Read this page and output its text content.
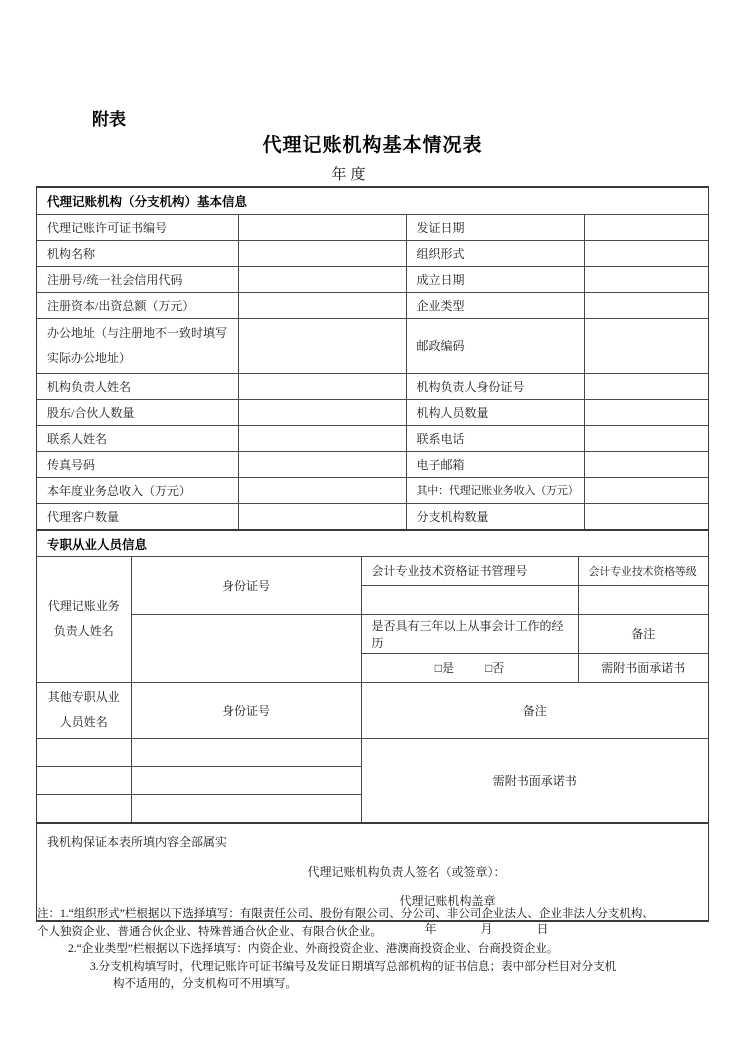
附表
代理记账机构基本情况表
年度
代理记账机构（分支机构）基本信息			
代理记账许可证书编号		发证日期	
机构名称		组织形式	
注册号/统一社会信用代码		成立日期	
注册资本/出资总额（万元）		企业类型	
办公地址（与注册地不一致时填写实际办公地址）		邮政编码	
机构负责人姓名		机构负责人身份证号	
股东/合伙人数量		机构人员数量	
联系人姓名		联系电话	
传真号码		电子邮箱	
本年度业务总收入（万元）		其中：代理记账业务收入（万元）	
代理客户数量		分支机构数量	
专职从业人员信息			
代理记账业务负责人姓名	身份证号	会计专业技术资格证书管理号	会计专业技术资格等级

		是否具有三年以上从事会计工作的经历	备注
		□是 □否	需附书面承诺书
其他专职从业人员姓名	身份证号	备注	
		需附书面承诺书	

我机构保证本表所填内容全部属实
代理记账机构负责人签名（或签章）：
代理记账机构盖章
年　　　月　　　日
注：1.“组织形式”栏根据以下选择填写：有限责任公司、股份有限公司、分公司、非公司企业法人、企业非法人分支机构、
个人独资企业、普通合伙企业、特殊普通合伙企业、有限合伙企业。
2.“企业类型”栏根据以下选择填写：内资企业、外商投资企业、港澳商投资企业、台商投资企业。
3.分支机构填写时，代理记账许可证书编号及发证日期填写总部机构的证书信息；表中部分栏目对分支机
构不适用的，分支机构可不用填写。
